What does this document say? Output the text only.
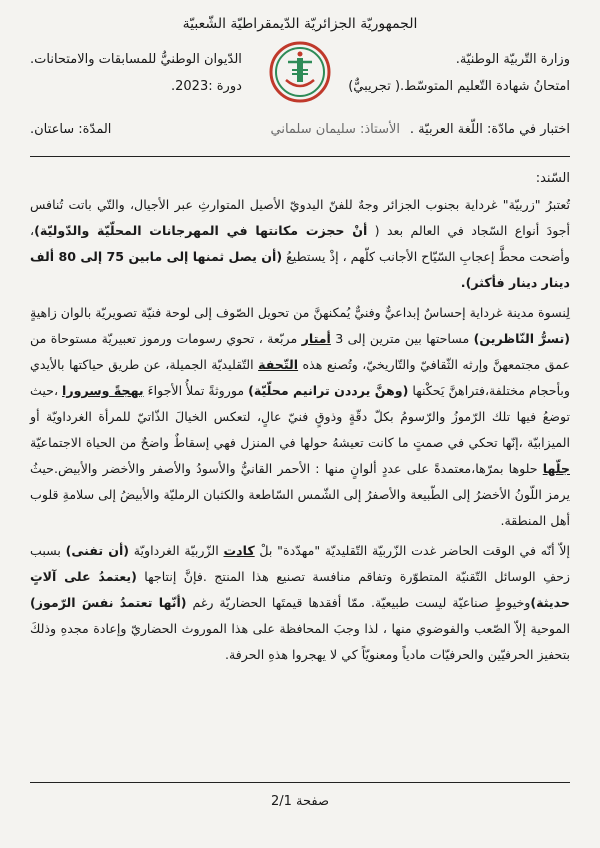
الجمهوريّة الجزائريّة الدّيمقراطيّة الشّعبيّة
وزارة التّربيّة الوطنيّة.
امتحانُ شهادة التّعليم المتوسّط.( تجريبيٌّ)
الدّيوان الوطنيُّ للمسابقات والامتحانات.
دورة :2023.
اختبار في مادّة: اللّغة العربيّة .
الأستاذ: سليمان سلماني
المدّة: ساعتان.
السّند:

تُعتبرُ "زربيّة" غرداية بجنوب الجزائر وجهٌ للفنّ اليدويّ الأصيل المتوارثِ عبر الأجيال، والتّي باتت تُنافس أجودَ أنواع السّجاد في العالم بعد ( أنْ حجزت مكانتها في المهرجانات المحلّيّة والدّوليّة)، وأضحت محطَّ إعجابِ السّيّاح الأجانب كلّهم ، إذْ يستطيعُ (أن يصل ثمنها إلى مابين 75 إلى 80 ألف دينار دينار فأكثر).

لِنسوة مدينة غرداية إحساسٌ إبداعيٌّ وفنيٌّ يُمكنهنَّ من تحويل الصّوف إلى لوحة فنيّة تصويريّة بالوان زاهيةٍ (تسرُّ النّاظرين) مساحتها بين مترين إلى 3 أمتار مربّعة ، تحوي رسومات ورموز تعبيريّة مستوحاة من عمق مجتمعهنَّ وإرثه الثّقافيّ والتّاريخيّ، وتُصنع هذه التّحفة التّقليديّة الجميلة، عن طريق حياكتها بالأيدي وبأحجام مختلفة،فتراهنَّ يَحكْنها (وهنَّ يرددن ترانيم محلّيّة) موروثةً تملأُ الأجواءَ بهجةً وسرورا ،حيث توضعُ فيها تلك الرّموزُ والرّسومُ بكلّ دقّةٍ وذوقٍ فنيّ عالٍ، لتعكس الخيالَ الذّاتيّ للمرأة الغرداويّة أو الميزابيّة ،إنّها تحكي في صمتٍ ما كانت تعيشهُ حولها في المنزل فهي إسقاطٌ واضحٌ من الحياة الاجتماعيّة جلّها حلوها بمرّها،معتمدةً على عددٍ ألوانٍ منها : الأحمر القانيُّ والأسودُ والأصفر والأخضر والأبيض.حيثُ يرمز اللّونُ الأخضرُ إلى الطّبيعة والأصفرُ إلى الشّمس السّاطعة والكثبان الرمليّة والأبيضُ إلى سلامةِ قلوب أهل المنطقة.

إلاّ أنّه في الوقت الحاضر غدت الزّربيّة التّقليديّة "مهدّدة" بلْ كادت الزّربيّة الغرداويّة (أن تفنى) بسبب زحفِ الوسائل التّقنيّة المتطوّرة وتفاقم منافسة تصنيع هذا المنتج .فإنَّ إنتاجها (يعتمدُ على آلاتٍ حديثة)وخيوطٍ صناعيّة ليست طبيعيّة. ممّا أفقدها قيمتَها الحضاريّة رغم (أنّها تعتمدُ نفسَ الرّموز) الموحية إلاّ الصّعب والفوضوي منها ، لذا وجبَ المحافظة على هذا الموروث الحضاريّ وإعادة مجدهِ وذلكَ بتحفيز الحرفيّين والحرفيّات مادياً ومعنويّاً كي لا يهجروا هذهِ الحرفة.

صفحة 2/1
